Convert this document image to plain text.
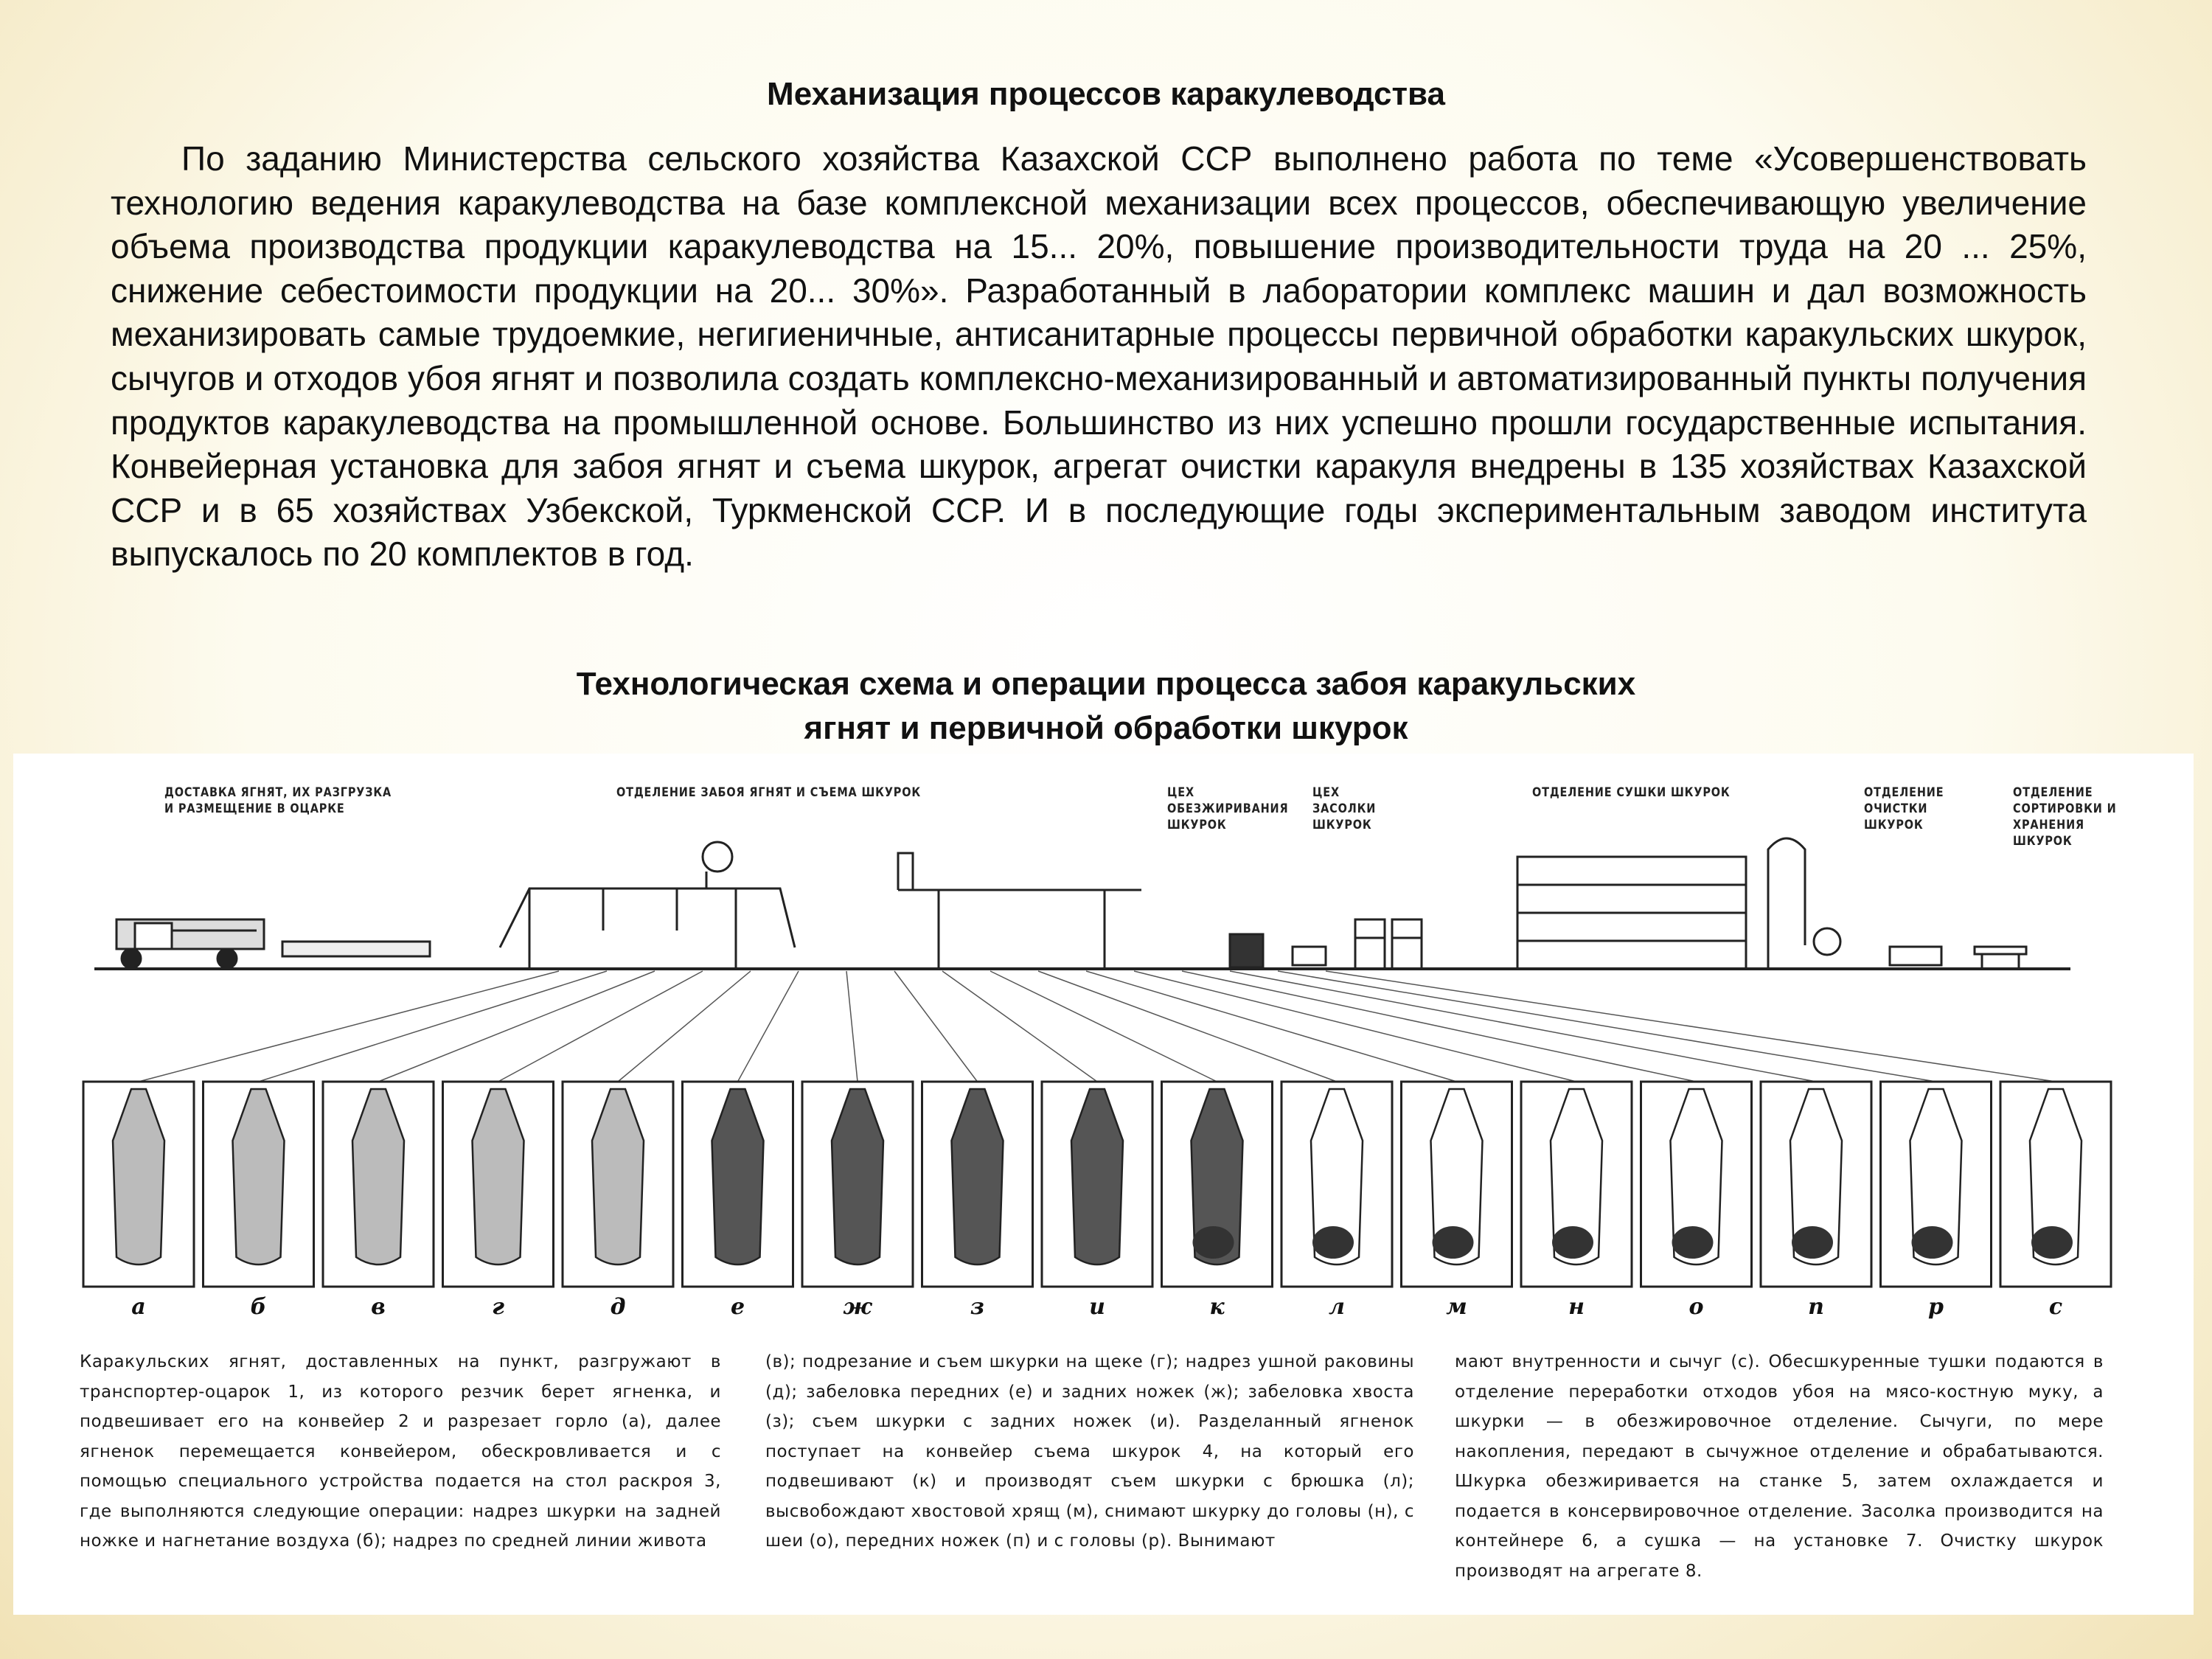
Механизация процессов каракулеводства

По заданию Министерства сельского хозяйства Казахской ССР выполнено работа по теме «Усовершенствовать технологию ведения каракулеводства на базе комплексной механизации всех процессов, обеспечивающую увеличение объема производства продукции каракулеводства на 15... 20%, повышение производительности труда на 20 ... 25%, снижение себестоимости продукции на 20... 30%». Разработанный в лаборатории комплекс машин и дал возможность механизировать самые трудоемкие, негигиеничные, антисанитарные процессы первичной обработки каракульских шкурок, сычугов и отходов убоя ягнят и позволила создать комплексно-механизированный и автоматизированный пункты получения продуктов каракулеводства на промышленной основе. Большинство из них успешно прошли государственные испытания. Конвейерная установка для забоя ягнят и съема шкурок, агрегат очистки каракуля внедрены в 135 хозяйствах Казахской ССР и в 65 хозяйствах Узбекской, Туркменской ССР. И в последующие годы экспериментальным заводом института выпускалось по 20 комплектов в год.

Технологическая схема и операции процесса забоя каракульских
ягнят и первичной обработки шкурок
ДОСТАВКА ЯГНЯТ, ИХ РАЗГРУЗКА И РАЗМЕЩЕНИЕ В ОЦАРКЕ
ОТДЕЛЕНИЕ ЗАБОЯ ЯГНЯТ И СЪЕМА ШКУРОК	ЦЕХ ОБЕЗЖИРИВАНИЯ ШКУРОК
ЦЕХ ЗАСОЛКИ ШКУРОК
ОТДЕЛЕНИЕ СУШКИ ШКУРОК	ОТДЕЛЕНИЕ ОЧИСТКИ ШКУРОК
ОТДЕЛЕНИЕ СОРТИРОВКИ И ХРАНЕНИЯ ШКУРОК
а	б	в	г	д	е	ж	з	и	к	л	м	н	о	п	р	с

Каракульских ягнят, доставленных на пункт, разгружают в транспортер-оцарок 1, из которого резчик берет ягненка, и подвешивает его на конвейер 2 и разрезает горло (а), далее ягненок перемещается конвейером, обескровливается и с помощью специального устройства подается на стол раскроя 3, где выполняются следующие операции: надрез шкурки на задней ножке и нагнетание воздуха (б); надрез по средней линии живота

(в); подрезание и съем шкурки на щеке (г); надрез ушной раковины (д); забеловка передних (е) и задних ножек (ж); забеловка хвоста (з); съем шкурки с задних ножек (и). Разделанный ягненок поступает на конвейер съема шкурок 4, на который его подвешивают (к) и производят съем шкурки с брюшка (л); высвобождают хвостовой хрящ (м), снимают шкурку до головы (н), с шеи (о), передних ножек (п) и с головы (р). Вынимают

мают внутренности и сычуг (с). Обесшкуренные тушки подаются в отделение переработки отходов убоя на мясо-костную муку, а шкурки — в обезжировочное отделение. Сычуги, по мере накопления, передают в сычужное отделение и обрабатываются. Шкурка обезжиривается на станке 5, затем охлаждается и подается в консервировочное отделение. Засолка производится на контейнере 6, а сушка — на установке 7. Очистку шкурок производят на агрегате 8.
